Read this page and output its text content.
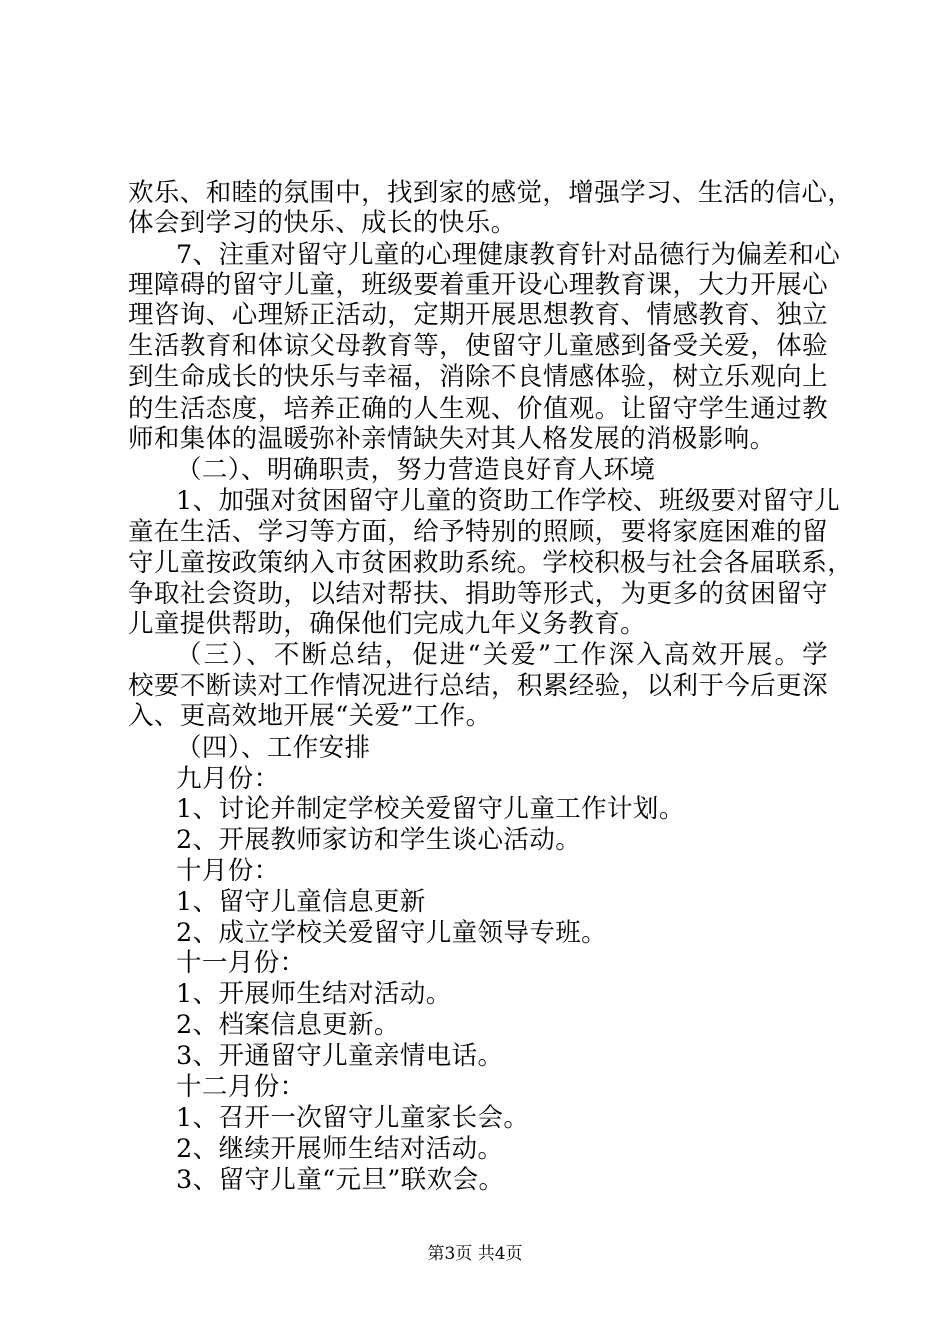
欢乐、和睦的氛围中，找到家的感觉，增强学习、生活的信心，
体会到学习的快乐、成长的快乐。
7、注重对留守儿童的心理健康教育针对品德行为偏差和心
理障碍的留守儿童，班级要着重开设心理教育课，大力开展心
理咨询、心理矫正活动，定期开展思想教育、情感教育、独立
生活教育和体谅父母教育等，使留守儿童感到备受关爱，体验
到生命成长的快乐与幸福，消除不良情感体验，树立乐观向上
的生活态度，培养正确的人生观、价值观。让留守学生通过教
师和集体的温暖弥补亲情缺失对其人格发展的消极影响。
（二）、明确职责，努力营造良好育人环境
1、加强对贫困留守儿童的资助工作学校、班级要对留守儿
童在生活、学习等方面，给予特别的照顾，要将家庭困难的留
守儿童按政策纳入市贫困救助系统。学校积极与社会各届联系，
争取社会资助，以结对帮扶、捐助等形式，为更多的贫困留守
儿童提供帮助，确保他们完成九年义务教育。
（三）、不断总结，促进“关爱”工作深入高效开展。学
校要不断读对工作情况进行总结，积累经验，以利于今后更深
入、更高效地开展“关爱”工作。
（四）、工作安排
九月份：
1、讨论并制定学校关爱留守儿童工作计划。
2、开展教师家访和学生谈心活动。
十月份：
1、留守儿童信息更新
2、成立学校关爱留守儿童领导专班。
十一月份：
1、开展师生结对活动。
2、档案信息更新。
3、开通留守儿童亲情电话。
十二月份：
1、召开一次留守儿童家长会。
2、继续开展师生结对活动。
3、留守儿童“元旦”联欢会。
第3页 共4页
